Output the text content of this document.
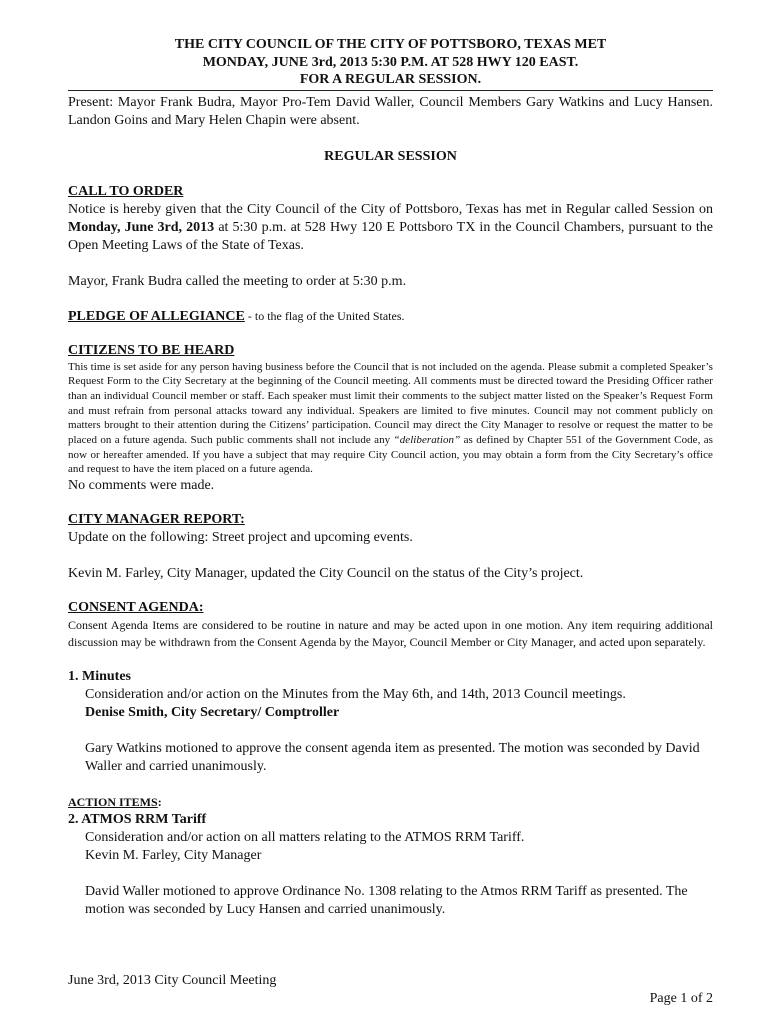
THE CITY COUNCIL OF THE CITY OF POTTSBORO, TEXAS MET
MONDAY, JUNE 3rd, 2013 5:30 P.M. AT 528 HWY 120 EAST.
FOR A REGULAR SESSION.

Present: Mayor Frank Budra, Mayor Pro-Tem David Waller, Council Members Gary Watkins and Lucy Hansen. Landon Goins and Mary Helen Chapin were absent.

REGULAR SESSION
CALL TO ORDER

Notice is hereby given that the City Council of the City of Pottsboro, Texas has met in Regular called Session on Monday, June 3rd, 2013 at 5:30 p.m. at 528 Hwy 120 E Pottsboro TX in the Council Chambers, pursuant to the Open Meeting Laws of the State of Texas.

Mayor, Frank Budra called the meeting to order at 5:30 p.m.

PLEDGE OF ALLEGIANCE - to the flag of the United States.
CITIZENS TO BE HEARD

This time is set aside for any person having business before the Council that is not included on the agenda. Please submit a completed Speaker’s Request Form to the City Secretary at the beginning of the Council meeting. All comments must be directed toward the Presiding Officer rather than an individual Council member or staff. Each speaker must limit their comments to the subject matter listed on the Speaker’s Request Form and must refrain from personal attacks toward any individual. Speakers are limited to five minutes. Council may not comment publicly on matters brought to their attention during the Citizens’ participation. Council may direct the City Manager to resolve or request the matter to be placed on a future agenda. Such public comments shall not include any “deliberation” as defined by Chapter 551 of the Government Code, as now or hereafter amended. If you have a subject that may require City Council action, you may obtain a form from the City Secretary’s office and request to have the item placed on a future agenda.

No comments were made.

CITY MANAGER REPORT:

Update on the following: Street project and upcoming events.

Kevin M. Farley, City Manager, updated the City Council on the status of the City’s project.

CONSENT AGENDA:

Consent Agenda Items are considered to be routine in nature and may be acted upon in one motion. Any item requiring additional discussion may be withdrawn from the Consent Agenda by the Mayor, Council Member or City Manager, and acted upon separately.

1. Minutes

Consideration and/or action on the Minutes from the May 6th, and 14th, 2013 Council meetings.

Denise Smith, City Secretary/ Comptroller

Gary Watkins motioned to approve the consent agenda item as presented. The motion was seconded by David Waller and carried unanimously.

ACTION ITEMS:
2. ATMOS RRM Tariff

Consideration and/or action on all matters relating to the ATMOS RRM Tariff.

Kevin M. Farley, City Manager

David Waller motioned to approve Ordinance No. 1308 relating to the Atmos RRM Tariff as presented. The motion was seconded by Lucy Hansen and carried unanimously.

June 3rd, 2013 City Council Meeting
Page 1 of 2
